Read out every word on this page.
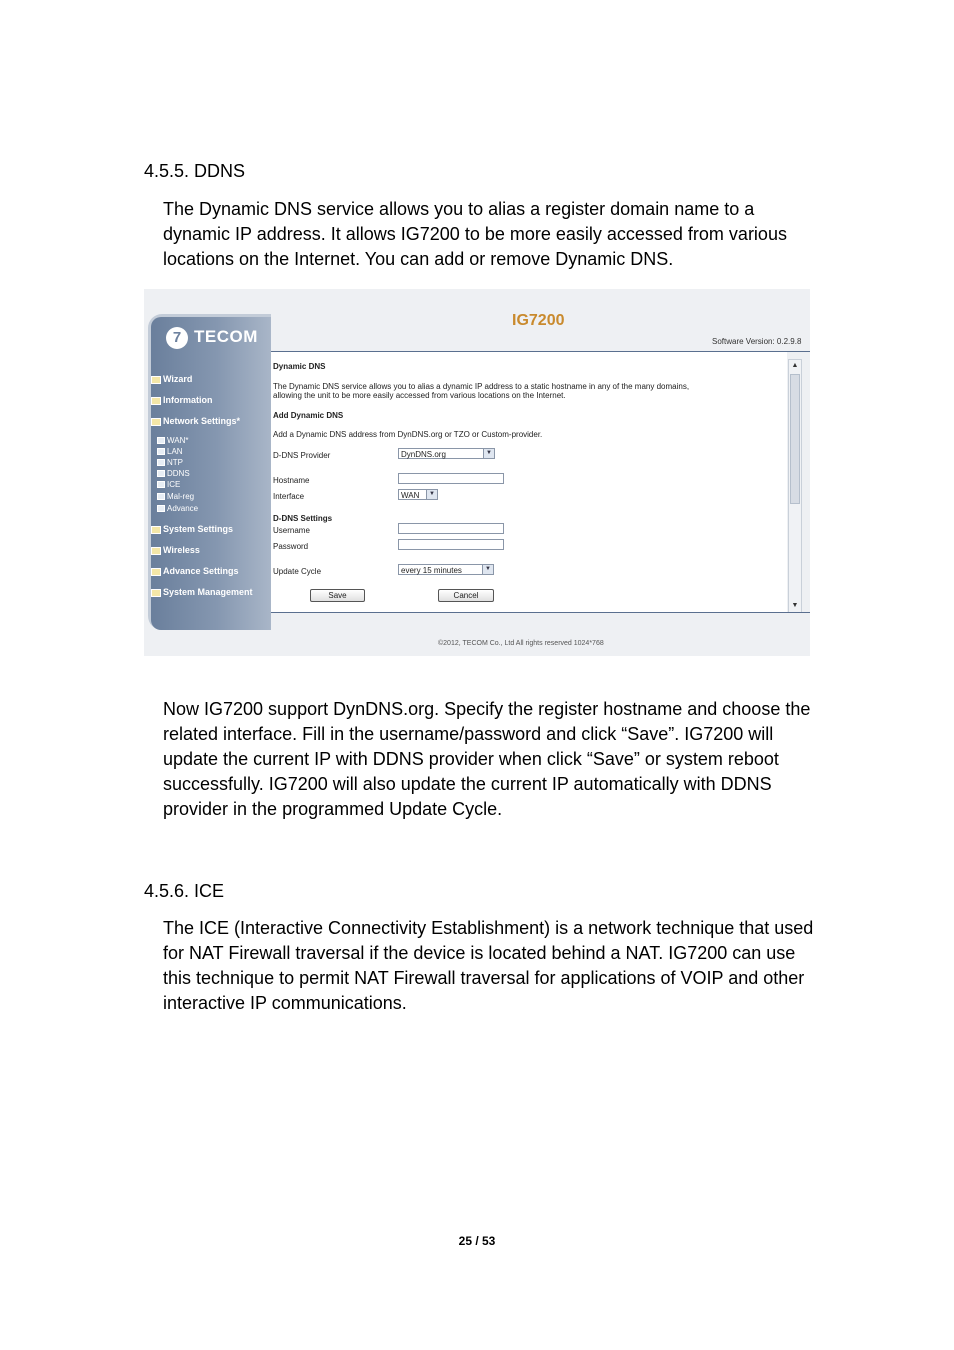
4.5.5. DDNS
The Dynamic DNS service allows you to alias a register domain name to a dynamic IP address. It allows IG7200 to be more easily accessed from various locations on the Internet. You can add or remove Dynamic DNS.
7 TECOM
Wizard
Information
Network Settings*
WAN*
LAN
NTP
DDNS
ICE
Mal-reg
Advance
System Settings
Wireless
Advance Settings
System Management
IG7200
Software Version: 0.2.9.8
Dynamic DNS
The Dynamic DNS service allows you to alias a dynamic IP address to a static hostname in any of the many domains,
allowing the unit to be more easily accessed from various locations on the Internet.
Add Dynamic DNS
Add a Dynamic DNS address from DynDNS.org or TZO or Custom-provider.
D-DNS Provider	DynDNS.org	▼
Hostname
Interface	WAN	▼
D-DNS Settings
Username
Password
Update Cycle	every 15 minutes	▼
Save	Cancel
▲
▼
©2012, TECOM Co., Ltd All rights reserved 1024*768
Now IG7200 support DynDNS.org. Specify the register hostname and choose the related interface. Fill in the username/password and click “Save”. IG7200 will update the current IP with DDNS provider when click “Save” or system reboot successfully. IG7200 will also update the current IP automatically with DDNS provider in the programmed Update Cycle.
4.5.6. ICE
The ICE (Interactive Connectivity Establishment) is a network technique that used for NAT Firewall traversal if the device is located behind a NAT. IG7200 can use this technique to permit NAT Firewall traversal for applications of VOIP and other interactive IP communications.
25 / 53
